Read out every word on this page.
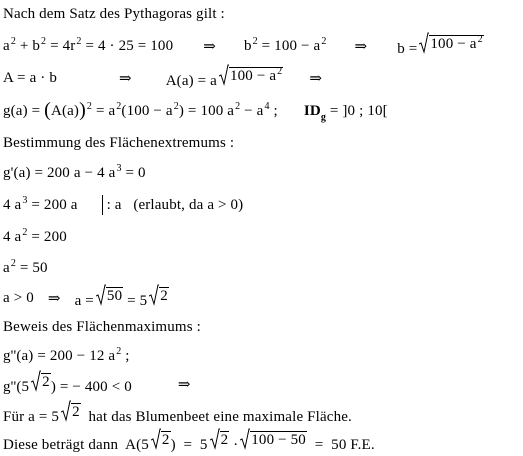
Nach dem Satz des Pythagoras gilt :
$a^2 + b^2 = 4r^2 = 4 \cdot 25 = 100$ ⇒ $b^2 = 100 - a^2$ ⇒ $b = 100 - a^2$
A = a · b	⇒ A(a) = a $100 - a^2$ ⇒
$g(a) = (A(a))^2 = a^2(100 - a^2) = 100$ $a^2 - a^4$ ; $ID_g = ]0$ ; 10[
Bestimmung des Flächenextremums :
g'(a) = 200 a − 4 $a^3 = 0$
4 $a^3 = 200$ a : a   (erlaubt, da a > 0)
4 $a^2 = 200$
$a^2 = 50$
a > 0 ⇒ a = 50 = 5 2
Beweis des Flächenmaximums :
g''(a) = 200 − 12 $a^2$ ;
g''(5 2 ) = − 400 < 0	⇒
Für a = 5 2 hat das Blumenbeet eine maximale Fläche.
Diese beträgt dann  A(5 2 )  =  5 2 · 100 − 50 =  50 F.E.
